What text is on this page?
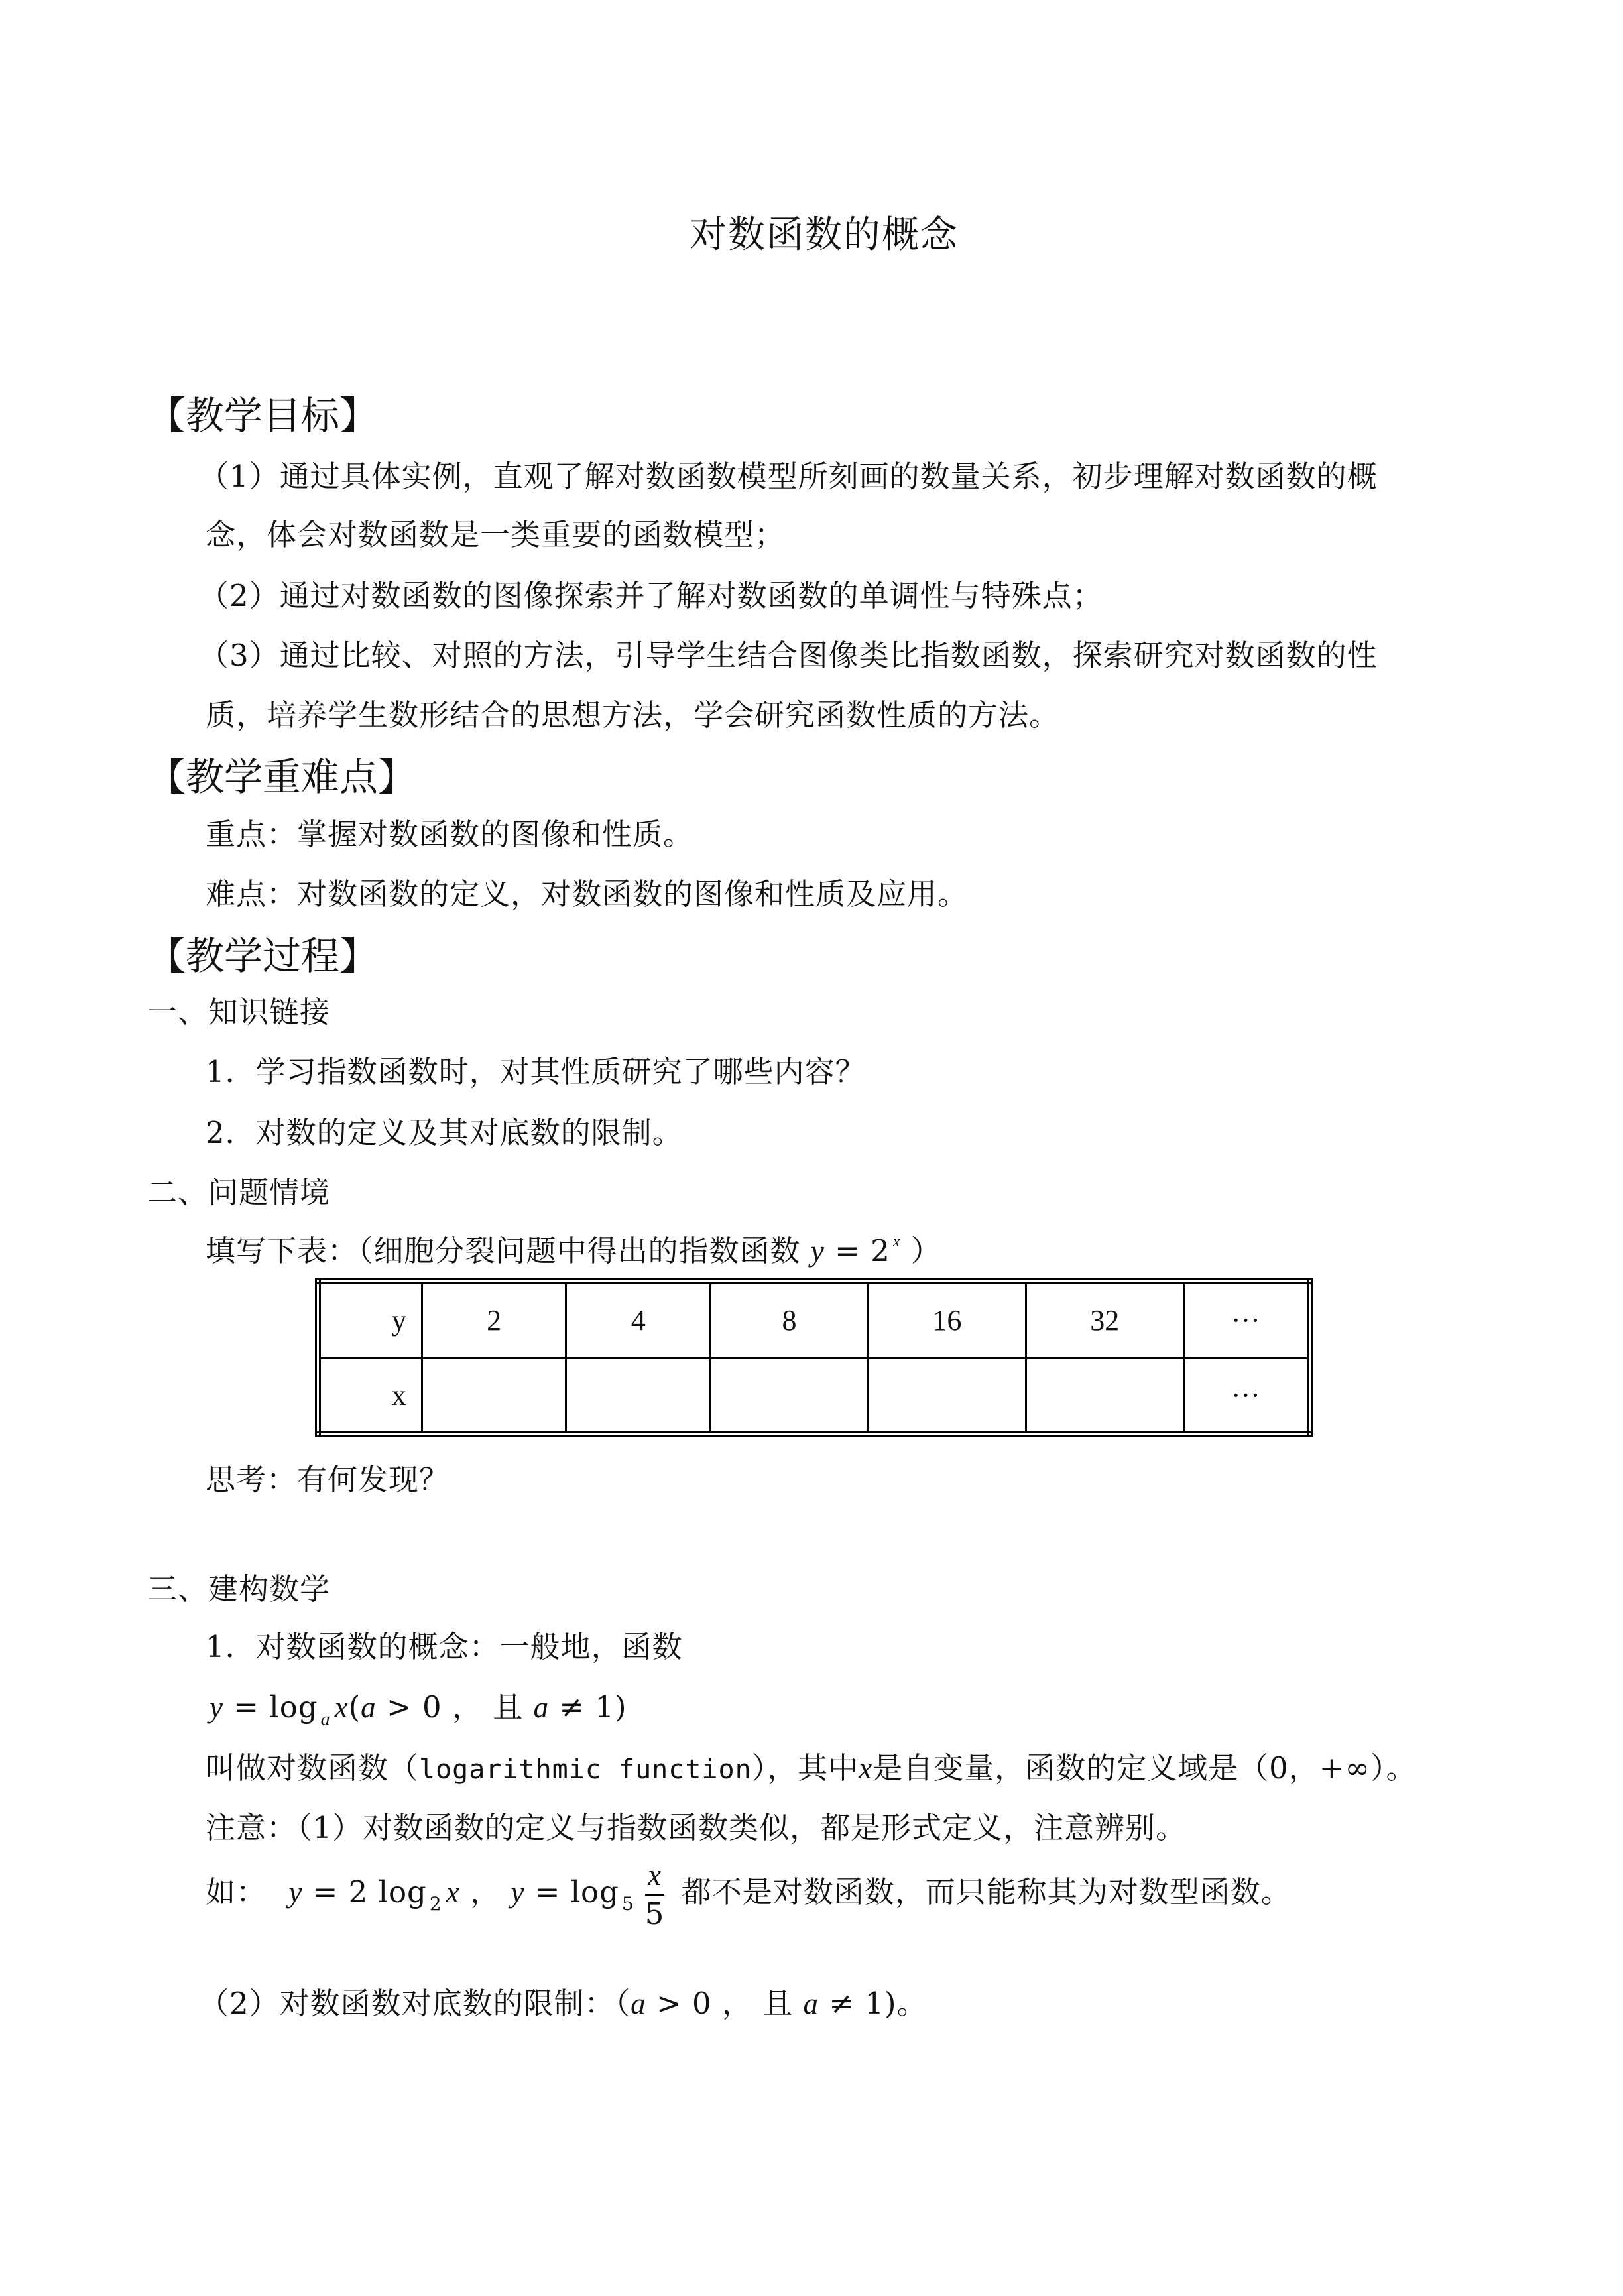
对数函数的概念
【教学目标】
（1）通过具体实例，直观了解对数函数模型所刻画的数量关系，初步理解对数函数的概
念，体会对数函数是一类重要的函数模型；
（2）通过对数函数的图像探索并了解对数函数的单调性与特殊点；
（3）通过比较、对照的方法，引导学生结合图像类比指数函数，探索研究对数函数的性
质，培养学生数形结合的思想方法，学会研究函数性质的方法。
【教学重难点】
重点：掌握对数函数的图像和性质。
难点：对数函数的定义，对数函数的图像和性质及应用。
【教学过程】
一、知识链接
1．学习指数函数时，对其性质研究了哪些内容？
2．对数的定义及其对底数的限制。
二、问题情境
填写下表：（细胞分裂问题中得出的指数函数 y = 2 $^x$ ）
y	2	4	8	16	32	···
x						···
思考：有何发现？
三、建构数学
1．对数函数的概念：一般地，函数
y = log $_a$ x(a > 0 ， 且 a ≠ 1)
叫做对数函数（logarithmic function），其中x是自变量，函数的定义域是（0，+∞）。
注意：（1）对数函数的定义与指数函数类似，都是形式定义，注意辨别。
如： y = 2 log $_2$ x ， $y = \log _5 \frac{x}{5}$ 都不是对数函数，而只能称其为对数型函数。
（2）对数函数对底数的限制：（a > 0 ， 且 a ≠ 1)。
